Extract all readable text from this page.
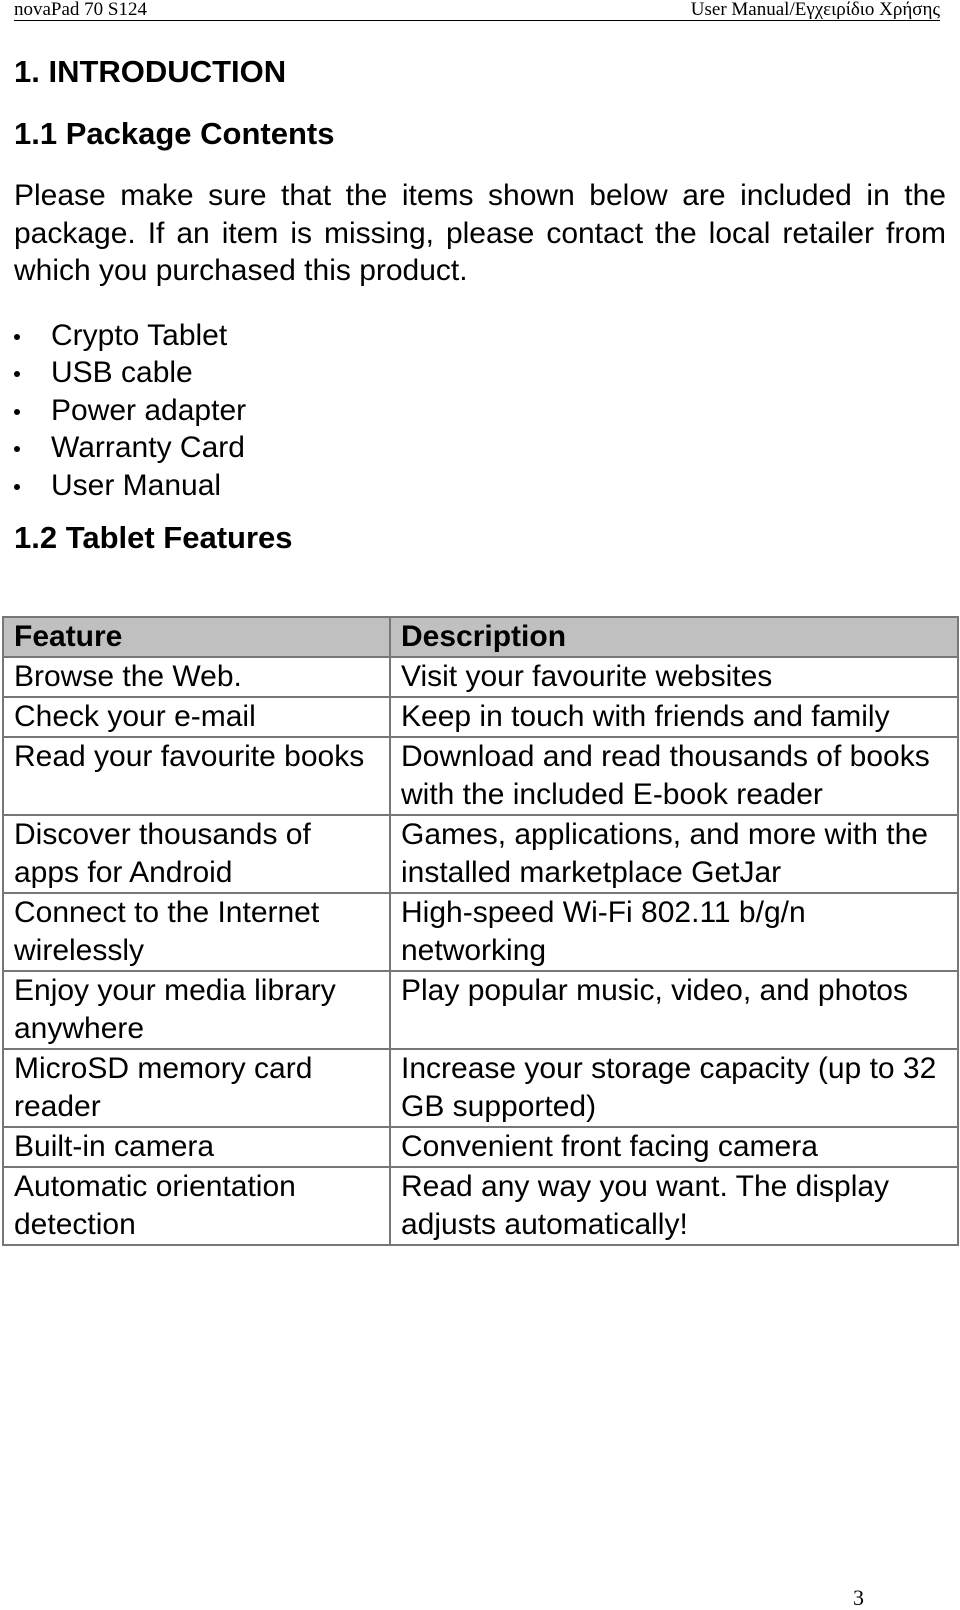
novaPad 70 S124	User Manual/Εγχειρίδιο Χρήσης
1. INTRODUCTION
1.1 Package Contents

Please make sure that the items shown below are included in the package. If an item is missing, please contact the local retailer from which you purchased this product.

Crypto Tablet
USB cable
Power adapter
Warranty Card
User Manual
1.2 Tablet Features
Feature	Description
Browse the Web.	Visit your favourite websites
Check your e-mail	Keep in touch with friends and family
Read your favourite books	Download and read thousands of books with the included E-book reader
Discover thousands of apps for Android	Games, applications, and more with the installed marketplace GetJar
Connect to the Internet wirelessly	High-speed Wi-Fi 802.11 b/g/n networking
Enjoy your media library anywhere	Play popular music, video, and photos
MicroSD memory card reader	Increase your storage capacity (up to 32 GB supported)
Built-in camera	Convenient front facing camera
Automatic orientation detection	Read any way you want. The display adjusts automatically!
3
